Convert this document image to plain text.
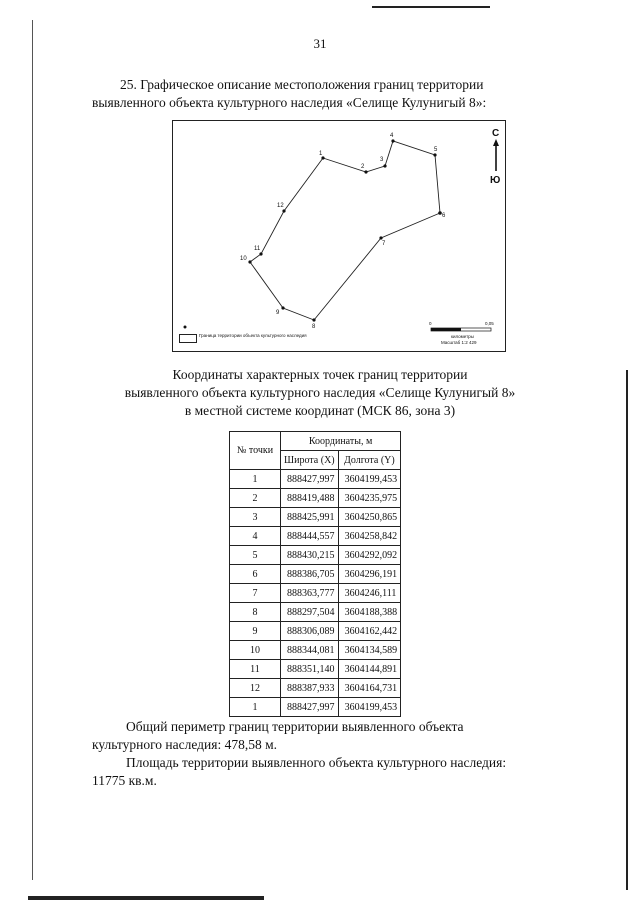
31
25. Графическое описание местоположения границ территории
выявленного объекта культурного наследия «Селище Кулунигый 8»:
1
2
3
4
5
6
7
8
9
10
11
12
С
Ю
Граница территории объекта культурного наследия
0	0,05
километры
Масштаб 1:2 429
Координаты характерных точек границ территории
выявленного объекта культурного наследия «Селище Кулунигый 8»
в местной системе координат (МСК 86, зона 3)
№ точки	Координаты, м	
	Широта (X)	Долгота (Y)
1	888427,997	3604199,453
2	888419,488	3604235,975
3	888425,991	3604250,865
4	888444,557	3604258,842
5	888430,215	3604292,092
6	888386,705	3604296,191
7	888363,777	3604246,111
8	888297,504	3604188,388
9	888306,089	3604162,442
10	888344,081	3604134,589
11	888351,140	3604144,891
12	888387,933	3604164,731
1	888427,997	3604199,453
Общий периметр границ территории выявленного объекта
культурного наследия: 478,58 м.
Площадь территории выявленного объекта культурного наследия:
11775 кв.м.
